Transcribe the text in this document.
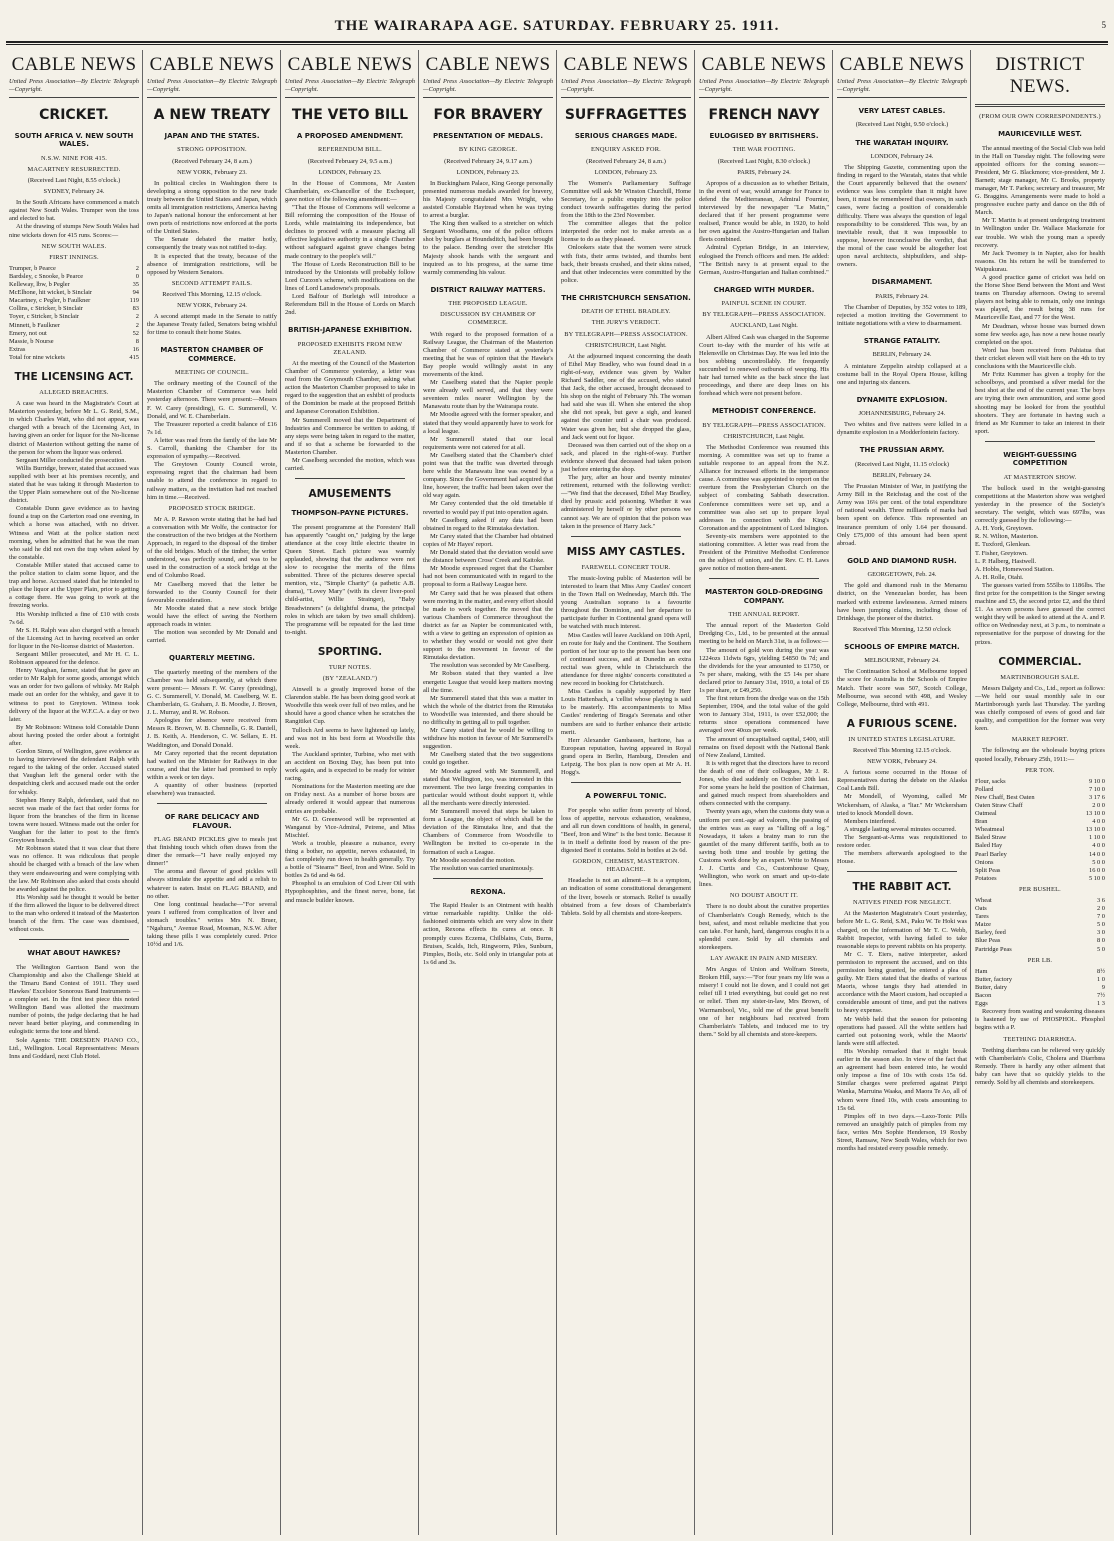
THE WAIRARAPA AGE. SATURDAY. FEBRUARY 25. 1911.	5
CABLE NEWS
United Press Association—By Electric Telegraph—Copyright.
CRICKET.
SOUTH AFRICA V. NEW SOUTH WALES.
N.S.W. NINE FOR 415.
MACARTNEY RESURRECTED.
(Received Last Night, 8.55 o'clock.)
SYDNEY, February 24.

In the South Africans have commenced a match against New South Wales. Trumper won the toss and elected to bat.

At the drawing of stumps New South Wales had nine wickets down for 415 runs. Scores:—

NEW SOUTH WALES.
FIRST INNINGS.
Trumper, b Pearce	2
Bardsley, c Snooke, b Pearce	0
Kelleway, lbw, b Pegler	35
McElhone, hit wicket, b Sinclair	94
Macartney, c Pegler, b Faulkner	119
Collins, c Stricker, b Sinclair	83
Toyer, c Stricker, b Sinclair	2
Minnett, b Faulkner	2
Emery, not out	52
Massie, b Nourse	8
Extras	16
Total for nine wickets	415
THE LICENSING ACT.
ALLEGED BREACHES.

A case was heard in the Magistrate's Court at Masterton yesterday, before Mr L. G. Reid, S.M., in which Charles Watt, who did not appear, was charged with a breach of the Licensing Act, in having given an order for liquor for the No-license district of Masterton without getting the name of the person for whom the liquor was ordered.

Sergeant Miller conducted the prosecution.

Willis Burridge, brewer, stated that accused was supplied with beer at his premises recently, and stated that he was taking it through Masterton to the Upper Plain somewhere out of the No-license district.

Constable Dunn gave evidence as to having found a trap on the Carterton road one evening, in which a horse was attached, with no driver. Witness and Watt at the police station next morning, when he admitted that he was the man who said he did not own the trap when asked by the constable.

Constable Miller stated that accused came to the police station to claim some liquor, and the trap and horse. Accused stated that he intended to place the liquor at the Upper Plain, prior to getting a cottage there. He was going to work at the freezing works.

His Worship inflicted a fine of £10 with costs 7s 6d.

Mr S. H. Ralph was also charged with a breach of the Licensing Act in having received an order for liquor in the No-license district of Masterton.

Sergeant Miller prosecuted, and Mr H. C. L. Robinson appeared for the defence.

Henry Vaughan, farmer, stated that he gave an order to Mr Ralph for some goods, amongst which was an order for two gallons of whisky. Mr Ralph made out an order for the whisky, and gave it to witness to post to Greytown. Witness took delivery of the liquor at the W.F.C.A. a day or two later.

By Mr Robinson: Witness told Constable Dunn about having posted the order about a fortnight after.

Gordon Simm, of Wellington, gave evidence as to having interviewed the defendant Ralph with regard to the taking of the order. Accused stated that Vaughan left the general order with the despatching clerk and accused made out the order for whisky.

Stephen Henry Ralph, defendant, said that no secret was made of the fact that order forms for liquor from the branches of the firm in license towns were issued. Witness made out the order for Vaughan for the latter to post to the firm's Greytown branch.

Mr Robinson stated that it was clear that there was no offence. It was ridiculous that people should be charged with a breach of the law when they were endeavouring and were complying with the law. Mr Robinson also asked that costs should be awarded against the police.

His Worship said he thought it would be better if the firm allowed the liquor to be delivered direct to the man who ordered it instead of the Masterton branch of the firm. The case was dismissed, without costs.

WHAT ABOUT HAWKES?

The Wellington Garrison Band won the Championship and also the Challenge Shield at the Timaru Band Contest of 1911. They used Hawkes' Excelsior Sonorous Band Instruments — a complete set. In the first test piece this noted Wellington Band was allotted the maximum number of points, the judge declaring that he had never heard better playing, and commending in eulogistic terms the tone and blend.

Sole Agents: THE DRESDEN PIANO CO., Ltd., Wellington. Local Representatives: Messrs Inns and Goddard, next Club Hotel.

CABLE NEWS
United Press Association—By Electric Telegraph—Copyright.
A NEW TREATY
JAPAN AND THE STATES.
STRONG OPPOSITION.
(Received February 24, 8 a.m.)
NEW YORK, February 23.

In political circles in Washington there is developing a strong opposition to the new trade treaty between the United States and Japan, which omits all immigration restrictions, America having to Japan's national honour the enforcement at her own ports of restrictions now enforced at the ports of the United States.

The Senate debated the matter hotly, consequently the treaty was not ratified to-day.

It is expected that the treaty, because of the absence of immigration restrictions, will be opposed by Western Senators.

SECOND ATTEMPT FAILS.
Received This Morning, 12.15 o'clock.
NEW YORK, February 24.

A second attempt made in the Senate to ratify the Japanese Treaty failed, Senators being wishful for time to consult their home States.

MASTERTON CHAMBER OF COMMERCE.
MEETING OF COUNCIL.

The ordinary meeting of the Council of the Masterton Chamber of Commerce was held yesterday afternoon. There were present:—Messrs F. W. Carey (presiding), G. C. Summerell, V. Donald, and W. E. Chamberlain.

The Treasurer reported a credit balance of £16 7s 1d.

A letter was read from the family of the late Mr S. Carroll, thanking the Chamber for its expression of sympathy.—Received.

The Greytown County Council wrote, expressing regret that the chairman had been unable to attend the conference in regard to railway matters, as the invitation had not reached him in time.—Received.

PROPOSED STOCK BRIDGE.

Mr A. P. Rawson wrote stating that he had had a conversation with Mr Wolfe, the contractor for the construction of the two bridges at the Northern Approach, in regard to the disposal of the timber of the old bridges. Much of the timber, the writer understood, was perfectly sound, and was to be used in the construction of a stock bridge at the end of Columbo Road.

Mr Caselberg moved that the letter be forwarded to the County Council for their favourable consideration.

Mr Moodie stated that a new stock bridge would have the effect of saving the Northern approach roads in winter.

The motion was seconded by Mr Donald and carried.

QUARTERLY MEETING.

The quarterly meeting of the members of the Chamber was held subsequently, at which there were present:— Messrs F. W. Carey (presiding), G. C. Summerell, V. Donald, M. Caselberg, W. E. Chamberlain, G. Graham, J. B. Moodie, J. Brown, J. L. Murray, and R. W. Robson.

Apologies for absence were received from Messrs R. Brown, W. B. Chennells, G. R. Daniell, J. B. Keith, A. Henderson, C. W. Sellars, E. H. Waddington, and Donald Donald.

Mr Carey reported that the recent deputation had waited on the Minister for Railways in due course, and that the latter had promised to reply within a week or ten days.

A quantity of other business (reported elsewhere) was transacted.

OF RARE DELICACY AND FLAVOUR.

FLAG BRAND PICKLES give to meals just that finishing touch which often draws from the diner the remark—"I have really enjoyed my dinner!"

The aroma and flavour of good pickles will always stimulate the appetite and add a relish to whatever is eaten. Insist on FLAG BRAND, and no other.

One long continual headache—"For several years I suffered from complication of liver and stomach troubles." writes Mrs N. Bruer, "Ngahuru," Avenue Road, Mosman, N.S.W. After taking these pills I was completely cured. Price 10½d and 1/6.

CABLE NEWS
United Press Association—By Electric Telegraph—Copyright.
THE VETO BILL
A PROPOSED AMENDMENT.
REFERENDUM BILL.
(Received February 24, 9.5 a.m.)
LONDON, February 23.

In the House of Commons, Mr Austen Chamberlain, ex-Chancellor of the Exchequer, gave notice of the following amendment:—

"That the House of Commons will welcome a Bill reforming the composition of the House of Lords, while maintaining its independence, but declines to proceed with a measure placing all effective legislative authority in a single Chamber without safeguard against grave changes being made contrary to the people's will."

The House of Lords Reconstruction Bill to be introduced by the Unionists will probably follow Lord Curzon's scheme, with modifications on the lines of Lord Lansdowne's proposals.

Lord Balfour of Burleigh will introduce a Referendum Bill in the House of Lords on March 2nd.

BRITISH-JAPANESE EXHIBITION.
PROPOSED EXHIBITS FROM NEW ZEALAND.

At the meeting of the Council of the Masterton Chamber of Commerce yesterday, a letter was read from the Greymouth Chamber, asking what action the Masterton Chamber proposed to take in regard to the suggestion that an exhibit of products of the Dominion be made at the proposed British and Japanese Coronation Exhibition.

Mr Summerell moved that the Department of Industries and Commerce be written to asking, if any steps were being taken in regard to the matter, and if so that a scheme be forwarded to the Masterton Chamber.

Mr Caselberg seconded the motion, which was carried.

AMUSEMENTS
THOMPSON-PAYNE PICTURES.

The present programme at the Foresters' Hall has apparently "caught on," judging by the large attendance at the cosy little electric theatre in Queen Street. Each picture was warmly applauded, showing that the audience were not slow to recognise the merits of the films submitted. Three of the pictures deserve special mention, viz., "Simple Charity" (a pathetic A.B. drama), "Lovey Mary" (with its clever liver-pool child-artist, Willie Strainger), "Baby Breadwinners" (a delightful drama, the principal roles in which are taken by two small children). The programme will be repeated for the last time to-night.

SPORTING.
TURF NOTES.
(BY "ZEALAND.")

Ainwell is a greatly improved horse of the Clarendon stable. He has been doing good work at Woodville this week over full of two miles, and he should have a good chance when he scratches the Rangitikei Cup.

Tulloch Ard seems to have lightened up lately, and was not in his best form at Woodville this week.

The Auckland sprinter, Turbine, who met with an accident on Boxing Day, has been put into work again, and is expected to be ready for winter racing.

Nominations for the Masterton meeting are due on Friday next. As a number of horse boxes are already ordered it would appear that numerous entries are probable.

Mr G. D. Greenwood will be represented at Wanganui by Vice-Admiral, Peirene, and Miss Mischief.

Work a trouble, pleasure a nuisance, every thing a bother, no appetite, nerves exhausted, in fact completely run down in health generally. Try a bottle of "Steams'" Beef, Iron and Wine. Sold in bottles 2s 6d and 4s 6d.

Phosphol is an emulsion of Cod Liver Oil with Hypophosphites, and the finest nerve, bone, fat and muscle builder known.

CABLE NEWS
United Press Association—By Electric Telegraph—Copyright.
FOR BRAVERY
PRESENTATION OF MEDALS.
BY KING GEORGE.
(Received February 24, 9.17 a.m.)
LONDON, February 23.

In Buckingham Palace, King George personally presented numerous medals awarded for bravery, his Majesty congratulated Mrs Wright, who assisted Constable Haytread when he was trying to arrest a burglar.

The King then walked to a stretcher on which Sergeant Woodhams, one of the police officers shot by burglars at Houndsditch, had been brought to the palace. Bending over the stretcher His Majesty shook hands with the sergeant and inquired as to his progress, at the same time warmly commending his valour.

DISTRICT RAILWAY MATTERS.
THE PROPOSED LEAGUE.
DISCUSSION BY CHAMBER OF COMMERCE.

With regard to the proposed formation of a Railway League, the Chairman of the Masterton Chamber of Commerce stated at yesterday's meeting that he was of opinion that the Hawke's Bay people would willingly assist in any movements of the kind.

Mr Caselberg stated that the Napier people were already well served, and that they were seventeen miles nearer Wellington by the Manawatu route than by the Wairarapa route.

Mr Moodie agreed with the former speaker, and stated that they would apparently have to work for a local league.

Mr Summerell stated that our local requirements were not catered for at all.

Mr Caselberg stated that the Chamber's chief point was that the traffic was diverted through here while the Manawatu line was owned by a company. Since the Government had acquired that line, however, the traffic had been taken over the old way again.

Mr Carey contended that the old timetable if reverted to would pay if put into operation again.

Mr Caselberg asked if any data had been obtained in regard to the Rimutaka deviation.

Mr Carey stated that the Chamber had obtained copies of Mr Hayes' report.

Mr Donald stated that the deviation would save the distance between Cross' Creek and Kaitoke.

Mr Moodie expressed regret that the Chamber had not been communicated with in regard to the proposal to form a Railway League here.

Mr Carey said that he was pleased that others were moving in the matter, and every effort should be made to work together. He moved that the various Chambers of Commerce throughout the district as far as Napier be communicated with, with a view to getting an expression of opinion as to whether they would or would not give their support to the movement in favour of the Rimutaka deviation.

The resolution was seconded by Mr Caselberg.

Mr Robson stated that they wanted a live energetic League that would keep matters moving all the time.

Mr Summerell stated that this was a matter in which the whole of the district from the Rimutaka to Woodville was interested, and there should be no difficulty in getting all to pull together.

Mr Carey stated that he would be willing to withdraw his motion in favour of Mr Summerell's suggestion.

Mr Caselberg stated that the two suggestions could go together.

Mr Moodie agreed with Mr Summerell, and stated that Wellington, too, was interested in this movement. The two large freezing companies in particular would without doubt support it, while all the merchants were directly interested.

Mr Summerell moved that steps be taken to form a League, the object of which shall be the deviation of the Rimutaka line, and that the Chambers of Commerce from Woodville to Wellington be invited to co-operate in the formation of such a League.

Mr Moodie seconded the motion.

The resolution was carried unanimously.

REXONA.

The Rapid Healer is an Ointment with health virtue remarkable rapidity. Unlike the old-fashioned ointments which are very slow in their action, Rexona effects its cures at once. It promptly cures Eczema, Chilblains, Cuts, Burns, Bruises, Scalds, Itch, Ringworm, Piles, Sunburn, Pimples, Boils, etc. Sold only in triangular pots at 1s 6d and 3s.

CABLE NEWS
United Press Association—By Electric Telegraph—Copyright.
SUFFRAGETTES
SERIOUS CHARGES MADE.
ENQUIRY ASKED FOR.
(Received February 24, 8 a.m.)
LONDON, February 23.

The Women's Parliamentary Suffrage Committee will ask Mr Winston Churchill, Home Secretary, for a public enquiry into the police conduct towards suffragettes during the period from the 18th to the 23rd November.

The committee alleges that the police interpreted the order not to make arrests as a license to do as they pleased.

Onlookers state that the women were struck with fists, their arms twisted, and thumbs bent back, their breasts crushed, and their skins raised, and that other indecencies were committed by the police.

THE CHRISTCHURCH SENSATION.
DEATH OF ETHEL BRADLEY.
THE JURY'S VERDICT.
BY TELEGRAPH—PRESS ASSOCIATION.
CHRISTCHURCH, Last Night.

At the adjourned inquest concerning the death of Ethel May Bradley, who was found dead in a right-of-way, evidence was given by Walter Richard Saddler, one of the accused, who stated that Jack, the other accused, brought deceased to his shop on the night of February 7th. The woman had said she was ill. When she entered the shop she did not speak, but gave a sigh, and leaned against the counter until a chair was produced. Water was given her, but she dropped the glass, and Jack went out for liquor.

Deceased was then carried out of the shop on a sack, and placed in the right-of-way. Further evidence showed that deceased had taken poison just before entering the shop.

The jury, after an hour and twenty minutes' retirement, returned with the following verdict:—"We find that the deceased, Ethel May Bradley, died by prussic acid poisoning. Whether it was administered by herself or by other persons we cannot say. We are of opinion that the poison was taken in the presence of Harry Jack."

MISS AMY CASTLES.
FAREWELL CONCERT TOUR.

The music-loving public of Masterton will be interested to learn that Miss Amy Castles' concert in the Town Hall on Wednesday, March 8th. The young Australian soprano is a favourite throughout the Dominion, and her departure to participate further in Continental grand opera will be watched with much interest.

Miss Castles will leave Auckland on 10th April, en route for Italy and the Continent. The Southern portion of her tour up to the present has been one of continued success, and at Dunedin an extra recital was given, while in Christchurch the attendance for three nights' concerts constituted a new record in booking for Christchurch.

Miss Castles is capably supported by Herr Louis Hattenbach, a 'cellist whose playing is said to be masterly. His accompaniments to Miss Castles' rendering of Braga's Serenata and other numbers are said to further enhance their artistic merit.

Herr Alexander Gambassen, baritone, has a European reputation, having appeared in Royal grand opera in Berlin, Hamburg, Dresden and Leipzig. The box plan is now open at Mr A. H. Hogg's.

A POWERFUL TONIC.

For people who suffer from poverty of blood, loss of appetite, nervous exhaustion, weakness, and all run down conditions of health, in general, "Beef, Iron and Wine" is the best tonic. Because it is in itself a definite food by reason of the pre-digested Beef it contains. Sold in bottles at 2s 6d.

GORDON, CHEMIST, MASTERTON. HEADACHE.

Headache is not an ailment—it is a symptom, an indication of some constitutional derangement of the liver, bowels or stomach. Relief is usually obtained from a few doses of Chamberlain's Tablets. Sold by all chemists and store-keepers.

CABLE NEWS
United Press Association—By Electric Telegraph—Copyright.
FRENCH NAVY
EULOGISED BY BRITISHERS.
THE WAR FOOTING.
(Received Last Night, 8.30 o'clock.)
PARIS, February 24.

Apropos of a discussion as to whether Britain, in the event of war, would arrange for France to defend the Mediterranean, Admiral Fournier, interviewed by the newspaper "Le Matin," declared that if her present programme were realised, France would be able, in 1920, to hold her own against the Austro-Hungarian and Italian fleets combined.

Admiral Cyprian Bridge, in an interview, eulogised the French officers and men. He added: "The British navy is at present equal to the German, Austro-Hungarian and Italian combined."

CHARGED WITH MURDER.
PAINFUL SCENE IN COURT.
BY TELEGRAPH—PRESS ASSOCIATION.
AUCKLAND, Last Night.

Albert Alfred Cash was charged in the Supreme Court to-day with the murder of his wife at Helensville on Christmas Day. He was led into the box sobbing uncontrollably. He frequently succumbed to renewed outbursts of weeping. His hair had turned white as the back since the last proceedings, and there are deep lines on his forehead which were not present before.

METHODIST CONFERENCE.
BY TELEGRAPH—PRESS ASSOCIATION.
CHRISTCHURCH, Last Night.

The Methodist Conference was resumed this morning. A committee was set up to frame a suitable response to an appeal from the N.Z. Alliance for increased efforts in the temperance cause. A committee was appointed to report on the overture from the Presbyterian Church on the subject of combating Sabbath desecration. Conference committees were set up, and a committee was also set up to prepare loyal addresses in connection with the King's Coronation and the appointment of Lord Islington.

Seventy-six members were appointed to the stationing committee. A letter was read from the President of the Primitive Methodist Conference on the subject of union, and the Rev. C. H. Laws gave notice of motion there-anent.

MASTERTON GOLD-DREDGING COMPANY.
THE ANNUAL REPORT.

The annual report of the Masterton Gold Dredging Co., Ltd., to be presented at the annual meeting to be held on March 31st, is as follows:—

The amount of gold won during the year was 1224ozs 11dwts 6grs, yielding £4850 0s 7d; and the dividends for the year amounted to £1750, or 7s per share, making, with the £5 14s per share declared prior to January 31st, 1910, a total of £6 1s per share, or £49,250.

The first return from the dredge was on the 15th September, 1904, and the total value of the gold won to January 31st, 1911, is over £52,000; the returns since operations commenced have averaged over 40ozs per week.

The amount of uncapitalised capital, £400, still remains on fixed deposit with the National Bank of New Zealand, Limited.

It is with regret that the directors have to record the death of one of their colleagues, Mr J. R. Jones, who died suddenly on October 20th last. For some years he held the position of Chairman, and gained much respect from shareholders and others connected with the company.

Twenty years ago, when the customs duty was a uniform per cent.-age ad valorem, the passing of the entries was as easy as "falling off a log." Nowadays, it takes a brainy man to run the gauntlet of the many different tariffs, both as to saving both time and trouble by getting the Customs work done by an expert. Write to Messrs J. J. Curtis and Co., Customhouse Quay, Wellington, who work on smart and up-to-date lines.

NO DOUBT ABOUT IT.

There is no doubt about the curative properties of Chamberlain's Cough Remedy, which is the best, safest, and most reliable medicine that you can take. For harsh, hard, dangerous coughs it is a splendid cure. Sold by all chemists and storekeepers.

LAY AWAKE IN PAIN AND MISERY.

Mrs Angus of Union and Wolfram Streets, Broken Hill, says:—"For four years my life was a misery! I could not lie down, and I could not get relief till I tried everything, but could get no rest or relief. Then my sister-in-law, Mrs Brown, of Warrnambool, Vic., told me of the great benefit one of her neighbours had received from Chamberlain's Tablets, and induced me to try them." Sold by all chemists and store-keepers.

CABLE NEWS
United Press Association—By Electric Telegraph—Copyright.
VERY LATEST CABLES.
(Received Last Night, 9.50 o'clock.)
THE WARATAH INQUIRY.
LONDON, February 24.

The Shipping Gazette, commenting upon the finding in regard to the Waratah, states that while the Court apparently believed that the owners' evidence was less complete than it might have been, it must be remembered that owners, in such cases, were facing a position of considerable difficulty. There was always the question of legal responsibility to be considered. This was, by an inevitable result, that it was impossible to suppose, however inconclusive the verdict, that the moral of the case would be altogether lost upon naval architects, shipbuilders, and ship-owners.

DISARMAMENT.
PARIS, February 24.

The Chamber of Deputies, by 352 votes to 189, rejected a motion inviting the Government to initiate negotiations with a view to disarmament.

STRANGE FATALITY.
BERLIN, February 24.

A miniature Zeppelin airship collapsed at a costume ball in the Royal Opera House, killing one and injuring six dancers.

DYNAMITE EXPLOSION.
JOHANNESBURG, February 24.

Two whites and five natives were killed in a dynamite explosion in a Modderfontein factory.

THE PRUSSIAN ARMY.
(Received Last Night, 11.15 o'clock)
BERLIN, February 24.

The Prussian Minister of War, in justifying the Army Bill in the Reichstag and the cost of the Army was 16¼ per cent. of the total expenditure of national wealth. Three milliards of marks had been spent on defence. This represented an insurance premium of only 1.64 per thousand. Only £75,000 of this amount had been spent abroad.

GOLD AND DIAMOND RUSH.
GEORGETOWN, Feb. 24.

The gold and diamond rush in the Menamu district, on the Venezuelan border, has been marked with extreme lawlessness. Armed miners have been jumping claims, including those of Drinkhage, the pioneer of the district.

Received This Morning, 12.50 o'clock
SCHOOLS OF EMPIRE MATCH.
MELBOURNE, February 24.

The Continuation School at Melbourne topped the score for Australia in the Schools of Empire Match. Their score was 507, Scotch College, Melbourne, was second with 498, and Wesley College, Melbourne, third with 491.

A FURIOUS SCENE.
IN UNITED STATES LEGISLATURE.
Received This Morning 12.15 o'clock.
NEW YORK, February 24.

A furious scene occurred in the House of Representatives during the debate on the Alaska Coal Lands Bill.

Mr Mondell, of Wyoming, called Mr Wickersham, of Alaska, a "liar." Mr Wickersham tried to knock Mondell down.

Members interfered.

A struggle lasting several minutes occurred.

The Sergeant-at-Arms was requisitioned to restore order.

The members afterwards apologised to the House.

THE RABBIT ACT.
NATIVES FINED FOR NEGLECT.

At the Masterton Magistrate's Court yesterday, before Mr L. G. Reid, S.M., Paku W. Te Hoki was charged, on the information of Mr T. C. Webb, Rabbit Inspector, with having failed to take reasonable steps to prevent rabbits on his property.

Mr C. T. Eiers, native interpreter, asked permission to represent the accused, and on this permission being granted, he entered a plea of guilty. Mr Eiers stated that the deaths of various Maoris, whose tangis they had attended in accordance with the Maori custom, had occupied a considerable amount of time, and put the natives to heavy expense.

Mr Webb held that the season for poisoning operations had passed. All the white settlers had carried out poisoning work, while the Maoris' lands were still affected.

His Worship remarked that it might break earlier in the season also. In view of the fact that an agreement had been entered into, he would only impose a fine of 10s with costs 15s 6d. Similar charges were preferred against Piripi Wanka, Marruina Waaka, and Maora Te Ao, all of whom were fined 10s, with costs amounting to 15s 6d.

Pimples off in two days.—Laxo-Tonic Pills removed an unsightly patch of pimples from my face, writes Mrs Sophie Henderson, 19 Roxby Street, Ramsaw, New South Wales, which for two months had resisted every possible remedy.

DISTRICT NEWS.
(FROM OUR OWN CORRESPONDENTS.)
MAURICEVILLE WEST.

The annual meeting of the Social Club was held in the Hall on Tuesday night. The following were appointed officers for the coming season:—President, Mr G. Blackmore; vice-president, Mr J. Barnett; stage manager, Mr C. Brooks, property manager, Mr T. Parkes; secretary and treasurer, Mr G. Braggins. Arrangements were made to hold a progressive euchre party and dance on the 8th of March.

Mr T. Martin is at present undergoing treatment in Wellington under Dr. Wallace Mackenzie for ear trouble. We wish the young man a speedy recovery.

Mr Jack Twomey is in Napier, also for health reasons. On his return he will be transferred to Waipukurau.

A good practice game of cricket was held on the Horse Shoe Bend between the Mont and West teams on Thursday afternoon. Owing to several players not being able to remain, only one innings was played, the result being 38 runs for Mauriceville East, and 77 for the West.

Mr Deadman, whose house was burned down some few weeks ago, has now a new house nearly completed on the spot.

Word has been received from Pahiatua that their cricket eleven will visit here on the 4th to try conclusions with the Mauriceville club.

Mr Fritz Kummer has given a trophy for the schoolboys, and promised a silver medal for the best shot at the end of the current year. The boys are trying their own ammunition, and some good shooting may be looked for from the youthful shooters. They are fortunate in having such a friend as Mr Kummer to take an interest in their sport.

WEIGHT-GUESSING COMPETITION
AT MASTERTON SHOW.

The bullock used in the weight-guessing competitions at the Masterton show was weighed yesterday in the presence of the Society's secretary. The weight, which was 697lbs, was correctly guessed by the following:—

A. H. York, Greytown.
R. N. Wilton, Masterton.
E. Tuxford, Glenlean.
T. Fisher, Greytown.
L. P. Halberg, Hastwell.
A. Hobbs, Homewood Station.
A. H. Rolle, Otahi.

The guesses varied from 555lbs to 1186lbs. The first prize for the competition is the Singer sewing machine and £5, the second prize £2, and the third £1. As seven persons have guessed the correct weight they will be asked to attend at the A. and P. office on Wednesday next, at 3 p.m., to nominate a representative for the purpose of drawing for the prizes.

COMMERCIAL.
MARTINBOROUGH SALE.

Messrs Dalgety and Co., Ltd., report as follows:—We held our usual monthly sale in our Martinborough yards last Thursday. The yarding was chiefly composed of ewes of good and fair quality, and competition for the former was very keen.

MARKET REPORT.

The following are the wholesale buying prices quoted locally, February 25th, 1911:—

PER TON.
Flour, sacks	9 10 0
Pollard	7 10 0
New Chaff, Best Oaten	3 17 6
Oaten Straw Chaff	2 0 0
Oatmeal	13 10 0
Bran	4 0 0
Wheatmeal	13 10 0
Baled Straw	1 10 0
Baled Hay	4 0 0
Pearl Barley	14 0 0
Onions	5 0 0
Split Peas	16 0 0
Potatoes	5 10 0
PER BUSHEL.
Wheat	3 6
Oats	2 0
Tares	7 0
Maize	5 0
Barley, feed	3 0
Blue Peas	8 0
Partridge Peas	5 0
PER LB.
Ham	8½
Butter, factory	1 0
Butter, dairy	9
Bacon	7½
Eggs	1 3

Recovery from wasting and weakening diseases is hastened by use of PHOSPHOL. Phosphol begins with a P.

TEETHING DIARRHŒA.

Teething diarrhœa can be relieved very quickly with Chamberlain's Colic, Cholera and Diarrhœa Remedy. There is hardly any other ailment that baby can have that so quickly yields to the remedy. Sold by all chemists and storekeepers.
